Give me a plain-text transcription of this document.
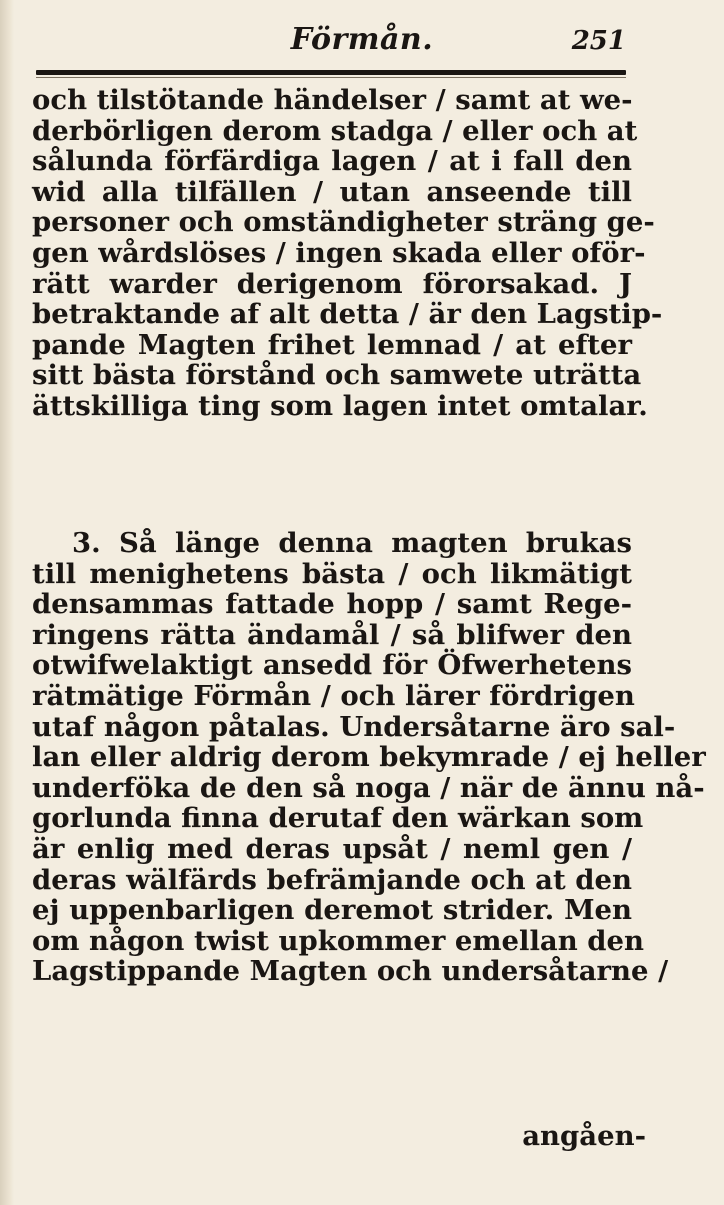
Förmån.	251
och tilstötande händelser / samt at we-
derbörligen derom stadga / eller och at
sålunda förfärdiga lagen / at i fall den
wid alla tilfällen / utan anseende till
personer och omständigheter sträng ge-
gen wårdslöses / ingen skada eller oför-
rätt warder derigenom förorsakad. J
betraktande af alt detta / är den Lagstip-
pande Magten frihet lemnad / at efter
sitt bästa förstånd och samwete uträtta
ättskilliga ting som lagen intet omtalar.
3. Så länge denna magten brukas
till menighetens bästa / och likmätigt
densammas fattade hopp / samt Rege-
ringens rätta ändamål / så blifwer den
otwifwelaktigt ansedd för Öfwerhetens
rätmätige Förmån / och lärer fördrigen
utaf någon påtalas. Undersåtarne äro sal-
lan eller aldrig derom bekymrade / ej heller
underföka de den så noga / när de ännu nå-
gorlunda finna derutaf den wärkan som
är enlig med deras upsåt / neml gen /
deras wälfärds befrämjande och at den
ej uppenbarligen deremot strider. Men
om någon twist upkommer emellan den
Lagstippande Magten och undersåtarne /
angåen-
